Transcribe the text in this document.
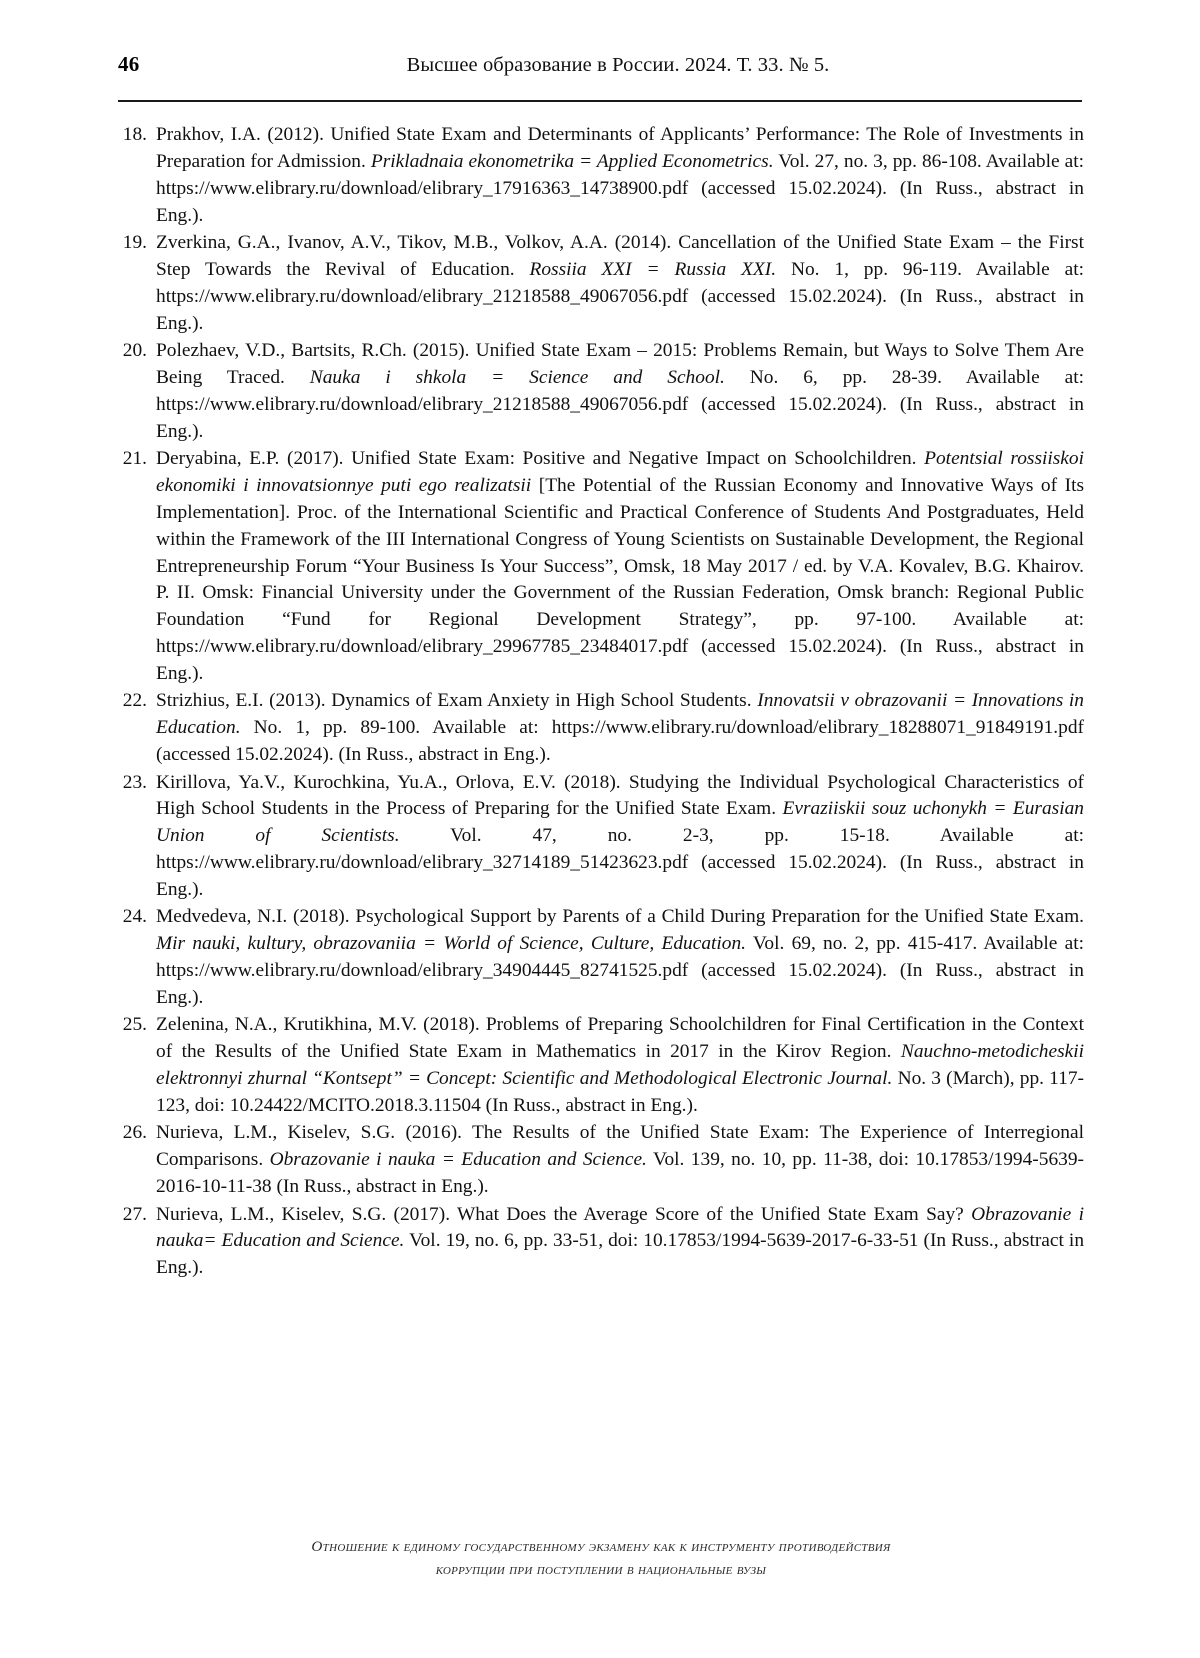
46	Высшее образование в России. 2024. Т. 33. № 5.
18. Prakhov, I.A. (2012). Unified State Exam and Determinants of Applicants’ Performance: The Role of Investments in Preparation for Admission. Prikladnaia ekonometrika = Applied Econometrics. Vol. 27, no. 3, pp. 86-108. Available at: https://www.elibrary.ru/download/elibrary_17916363_14738900.pdf (accessed 15.02.2024). (In Russ., abstract in Eng.).
19. Zverkina, G.A., Ivanov, A.V., Tikov, M.B., Volkov, A.A. (2014). Cancellation of the Unified State Exam – the First Step Towards the Revival of Education. Rossiia XXI = Russia XXI. No. 1, pp. 96-119. Available at: https://www.elibrary.ru/download/elibrary_21218588_49067056.pdf (accessed 15.02.2024). (In Russ., abstract in Eng.).
20. Polezhaev, V.D., Bartsits, R.Ch. (2015). Unified State Exam – 2015: Problems Remain, but Ways to Solve Them Are Being Traced. Nauka i shkola = Science and School. No. 6, pp. 28-39. Available at: https://www.elibrary.ru/download/elibrary_21218588_49067056.pdf (accessed 15.02.2024). (In Russ., abstract in Eng.).
21. Deryabina, E.P. (2017). Unified State Exam: Positive and Negative Impact on Schoolchildren. Potentsial rossiiskoi ekonomiki i innovatsionnye puti ego realizatsii [The Potential of the Russian Economy and Innovative Ways of Its Implementation]. Proc. of the International Scientific and Practical Conference of Students And Postgraduates, Held within the Framework of the III International Congress of Young Scientists on Sustainable Development, the Regional Entrepreneurship Forum “Your Business Is Your Success”, Omsk, 18 May 2017 / ed. by V.A. Kovalev, B.G. Khairov. P. II. Omsk: Financial University under the Government of the Russian Federation, Omsk branch: Regional Public Foundation “Fund for Regional Development Strategy”, pp. 97-100. Available at: https://www.elibrary.ru/download/elibrary_29967785_23484017.pdf (accessed 15.02.2024). (In Russ., abstract in Eng.).
22. Strizhius, E.I. (2013). Dynamics of Exam Anxiety in High School Students. Innovatsii v obrazovanii = Innovations in Education. No. 1, pp. 89-100. Available at: https://www.elibrary.ru/download/elibrary_18288071_91849191.pdf (accessed 15.02.2024). (In Russ., abstract in Eng.).
23. Kirillova, Ya.V., Kurochkina, Yu.A., Orlova, E.V. (2018). Studying the Individual Psychological Characteristics of High School Students in the Process of Preparing for the Unified State Exam. Evraziiskii souz uchonykh = Eurasian Union of Scientists. Vol. 47, no. 2-3, pp. 15-18. Available at: https://www.elibrary.ru/download/elibrary_32714189_51423623.pdf (accessed 15.02.2024). (In Russ., abstract in Eng.).
24. Medvedeva, N.I. (2018). Psychological Support by Parents of a Child During Preparation for the Unified State Exam. Mir nauki, kultury, obrazovaniia = World of Science, Culture, Education. Vol. 69, no. 2, pp. 415-417. Available at: https://www.elibrary.ru/download/elibrary_34904445_82741525.pdf (accessed 15.02.2024). (In Russ., abstract in Eng.).
25. Zelenina, N.A., Krutikhina, M.V. (2018). Problems of Preparing Schoolchildren for Final Certification in the Context of the Results of the Unified State Exam in Mathematics in 2017 in the Kirov Region. Nauchno-metodicheskii elektronnyi zhurnal “Kontsept” = Concept: Scientific and Methodological Electronic Journal. No. 3 (March), pp. 117-123, doi: 10.24422/MCITO.2018.3.11504 (In Russ., abstract in Eng.).
26. Nurieva, L.M., Kiselev, S.G. (2016). The Results of the Unified State Exam: The Experience of Interregional Comparisons. Obrazovanie i nauka = Education and Science. Vol. 139, no. 10, pp. 11-38, doi: 10.17853/1994-5639-2016-10-11-38 (In Russ., abstract in Eng.).
27. Nurieva, L.M., Kiselev, S.G. (2017). What Does the Average Score of the Unified State Exam Say? Obrazovanie i nauka= Education and Science. Vol. 19, no. 6, pp. 33-51, doi: 10.17853/1994-5639-2017-6-33-51 (In Russ., abstract in Eng.).
Отношение к единому государственному экзамену как к инструменту противодействия
коррупции при поступлении в национальные вузы
